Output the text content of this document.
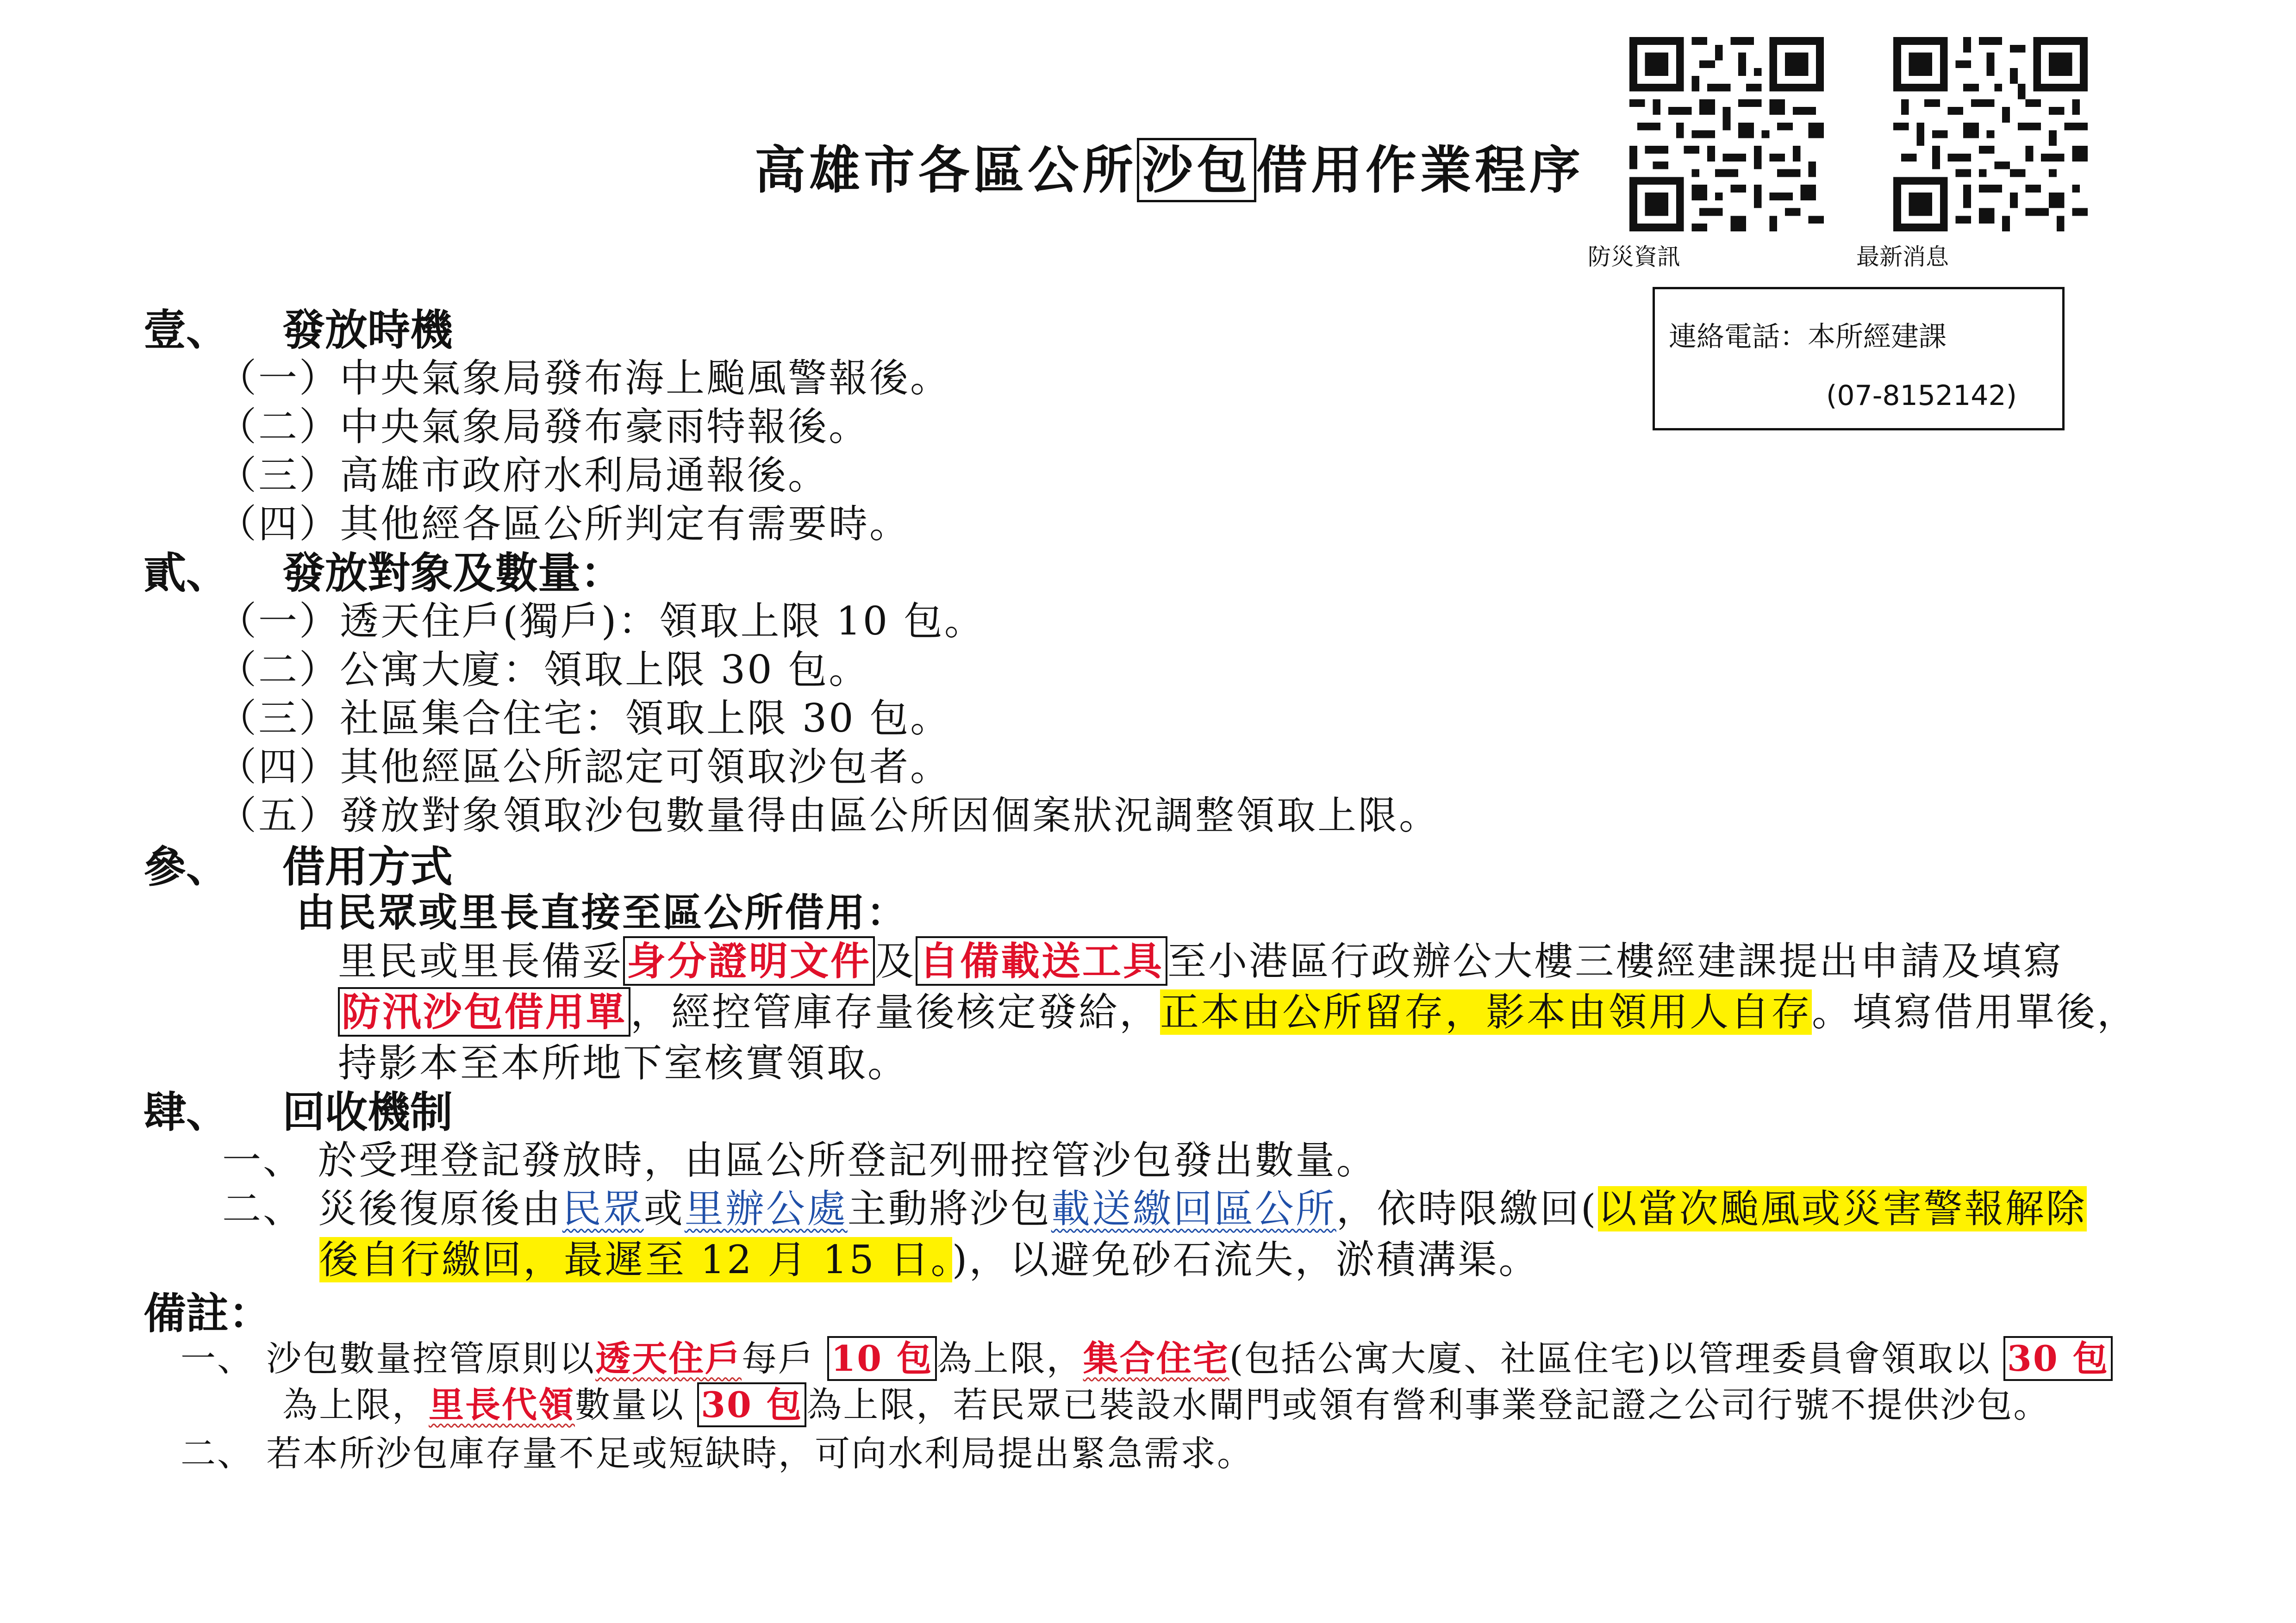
高雄市各區公所 沙包 借用作業程序
防災資訊	最新消息
連絡電話：本所經建課
(07-8152142)
壹、 發放時機
（一）中央氣象局發布海上颱風警報後。
（二）中央氣象局發布豪雨特報後。
（三）高雄市政府水利局通報後。
（四）其他經各區公所判定有需要時。
貳、 發放對象及數量：
（一）透天住戶(獨戶)：領取上限 10 包。
（二）公寓大廈：領取上限 30 包。
（三）社區集合住宅：領取上限 30 包。
（四）其他經區公所認定可領取沙包者。
（五）發放對象領取沙包數量得由區公所因個案狀況調整領取上限。
參、 借用方式
由民眾或里長直接至區公所借用：
里民或里長備妥身分證明文件及自備載送工具至小港區行政辦公大樓三樓經建課提出申請及填寫
防汛沙包借用單，經控管庫存量後核定發給，正本由公所留存，影本由領用人自存。填寫借用單後，
持影本至本所地下室核實領取。
肆、 回收機制
一、 於受理登記發放時，由區公所登記列冊控管沙包發出數量。
二、 災後復原後由民眾或里辦公處主動將沙包載送繳回區公所，依時限繳回(以當次颱風或災害警報解除
後自行繳回，最遲至 12 月 15 日。)，以避免砂石流失，淤積溝渠。
備註：
一、 沙包數量控管原則以透天住戶每戶 10 包 為上限，集合住宅(包括公寓大廈、社區住宅)以管理委員會領取以 30 包
為上限，里長代領數量以 30 包 為上限，若民眾已裝設水閘門或領有營利事業登記證之公司行號不提供沙包。
二、 若本所沙包庫存量不足或短缺時，可向水利局提出緊急需求。
